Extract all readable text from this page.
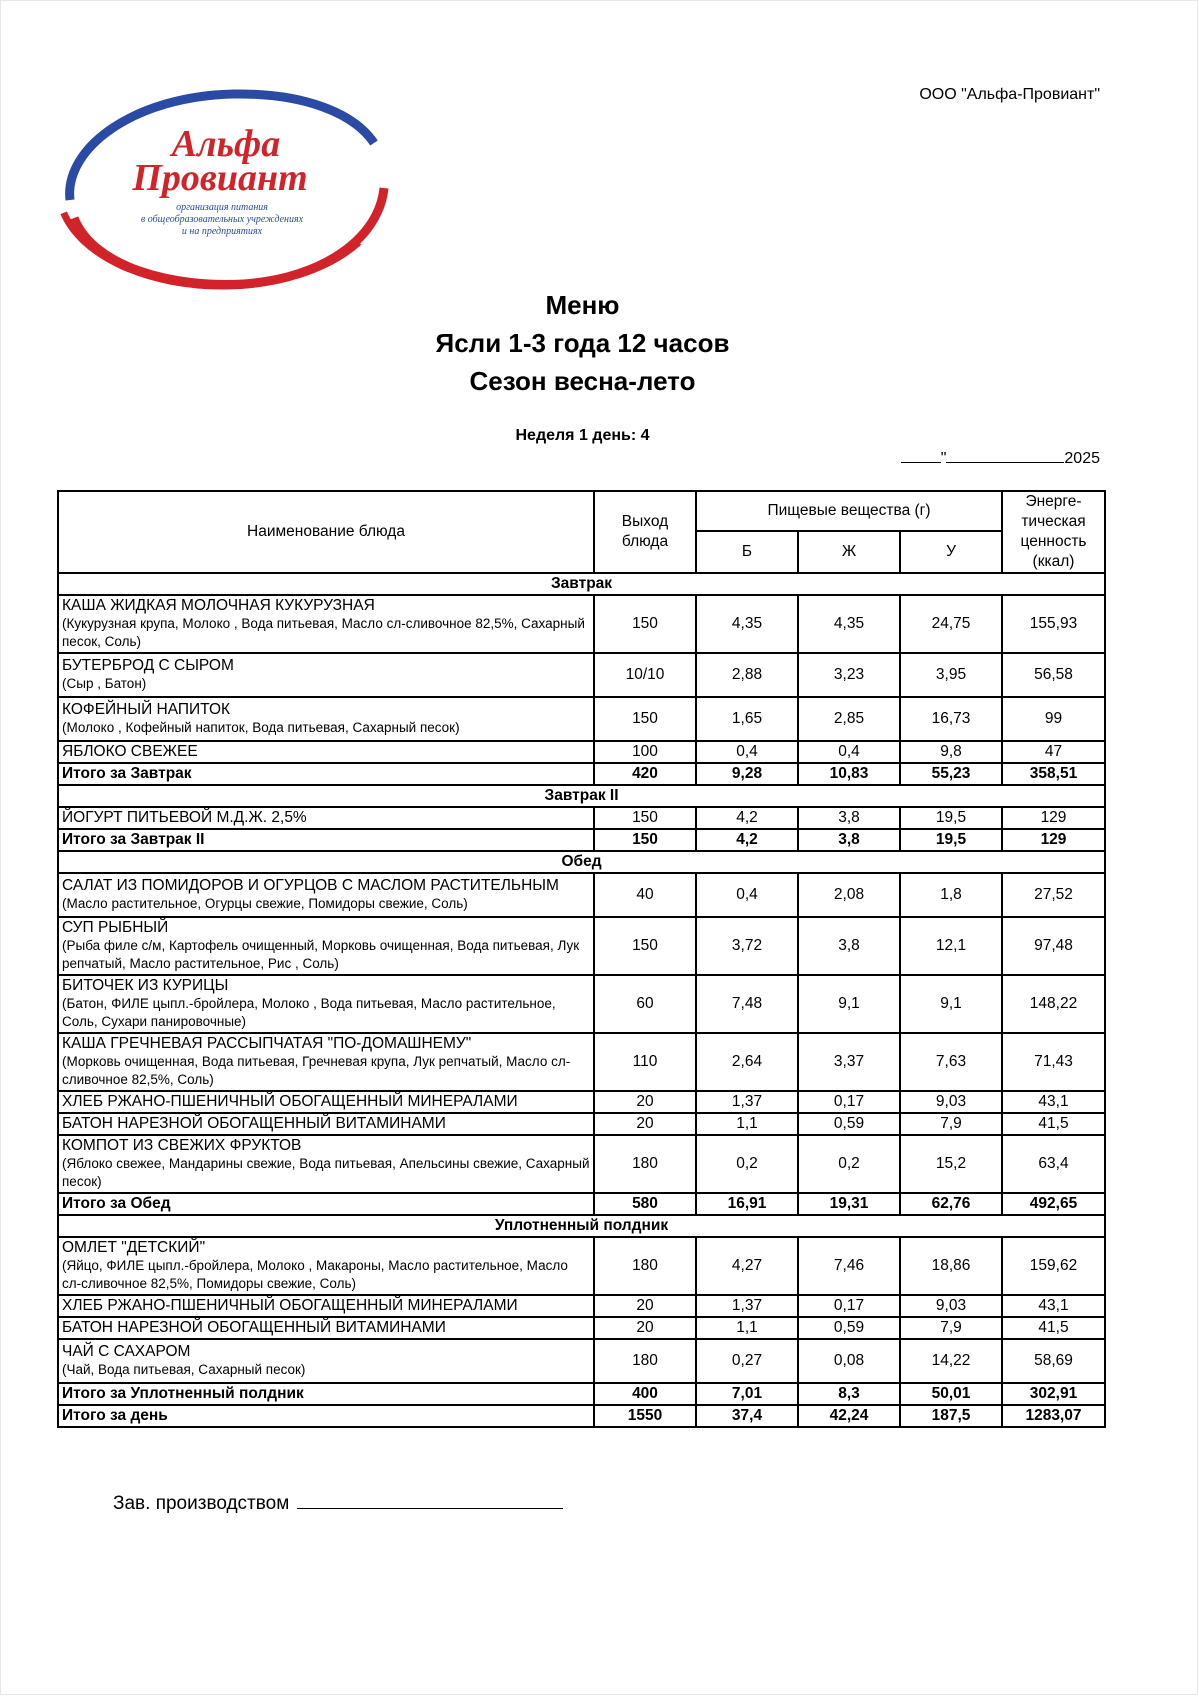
ООО "Альфа-Провиант"
Альфа
Провиант
организация питания
в общеобразовательных учреждениях
и на предприятиях
Меню
Ясли 1-3 года 12 часов
Сезон весна-лето
Неделя 1 день: 4
"	2025
Наименование блюда	Выход блюда	Пищевые вещества (г)			Энерге-тическая ценность (ккал)
		Б	Ж	У	
Завтрак					

КАША ЖИДКАЯ МОЛОЧНАЯ КУКУРУЗНАЯ
(Кукурузная крупа, Молоко , Вода питьевая, Масло сл-сливочное 82,5%, Сахарный песок, Соль)	150	4,35	4,35	24,75	155,93

БУТЕРБРОД С СЫРОМ
(Сыр , Батон)	10/10	2,88	3,23	3,95	56,58

КОФЕЙНЫЙ НАПИТОК
(Молоко , Кофейный напиток, Вода питьевая, Сахарный песок)	150	1,65	2,85	16,73	99

ЯБЛОКО СВЕЖЕЕ	100	0,4	0,4	9,8	47
Итого за Завтрак	420	9,28	10,83	55,23	358,51
Завтрак II					

ЙОГУРТ ПИТЬЕВОЙ М.Д.Ж. 2,5%	150	4,2	3,8	19,5	129
Итого за Завтрак II	150	4,2	3,8	19,5	129
Обед					

САЛАТ ИЗ ПОМИДОРОВ И ОГУРЦОВ С МАСЛОМ РАСТИТЕЛЬНЫМ
(Масло растительное, Огурцы свежие, Помидоры свежие, Соль)	40	0,4	2,08	1,8	27,52

СУП РЫБНЫЙ
(Рыба филе с/м, Картофель очищенный, Морковь очищенная, Вода питьевая, Лук репчатый, Масло растительное, Рис , Соль)	150	3,72	3,8	12,1	97,48

БИТОЧЕК ИЗ КУРИЦЫ
(Батон, ФИЛЕ цыпл.-бройлера, Молоко , Вода питьевая, Масло растительное, Соль, Сухари панировочные)	60	7,48	9,1	9,1	148,22

КАША ГРЕЧНЕВАЯ РАССЫПЧАТАЯ "ПО-ДОМАШНЕМУ"
(Морковь очищенная, Вода питьевая, Гречневая крупа, Лук репчатый, Масло сл-сливочное 82,5%, Соль)	110	2,64	3,37	7,63	71,43

ХЛЕБ РЖАНО-ПШЕНИЧНЫЙ ОБОГАЩЕННЫЙ МИНЕРАЛАМИ	20	1,37	0,17	9,03	43,1

БАТОН НАРЕЗНОЙ ОБОГАЩЕННЫЙ ВИТАМИНАМИ	20	1,1	0,59	7,9	41,5

КОМПОТ ИЗ СВЕЖИХ ФРУКТОВ
(Яблоко свежее, Мандарины свежие, Вода питьевая, Апельсины свежие, Сахарный песок)	180	0,2	0,2	15,2	63,4
Итого за Обед	580	16,91	19,31	62,76	492,65
Уплотненный полдник					

ОМЛЕТ "ДЕТСКИЙ"
(Яйцо, ФИЛЕ цыпл.-бройлера, Молоко , Макароны, Масло растительное, Масло сл-сливочное 82,5%, Помидоры свежие, Соль)	180	4,27	7,46	18,86	159,62

ХЛЕБ РЖАНО-ПШЕНИЧНЫЙ ОБОГАЩЕННЫЙ МИНЕРАЛАМИ	20	1,37	0,17	9,03	43,1

БАТОН НАРЕЗНОЙ ОБОГАЩЕННЫЙ ВИТАМИНАМИ	20	1,1	0,59	7,9	41,5

ЧАЙ С САХАРОМ
(Чай, Вода питьевая, Сахарный песок)	180	0,27	0,08	14,22	58,69
Итого за Уплотненный полдник	400	7,01	8,3	50,01	302,91
Итого за день	1550	37,4	42,24	187,5	1283,07
Зав. производством
